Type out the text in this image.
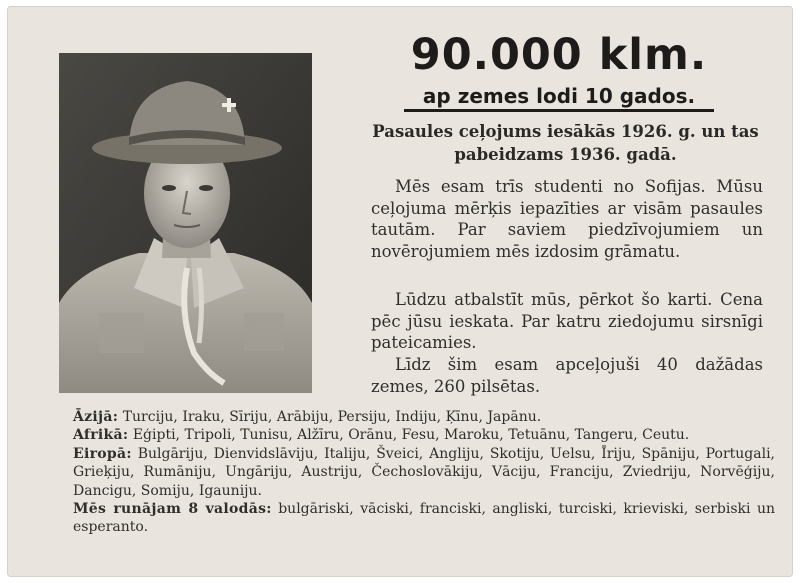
90.000 klm.
ap zemes lodi 10 gados.
Pasaules ceļojums iesākās 1926. g. un tas pabeidzams 1936. gadā.

Mēs esam trīs studenti no Sofijas. Mūsu ceļojuma mērķis iepazīties ar visām pasaules tautām. Par saviem piedzīvojumiem un novērojumiem mēs izdosim grāmatu.

Lūdzu atbalstīt mūs, pērkot šo karti. Cena pēc jūsu ieskata. Par katru ziedojumu sirsnīgi pateicamies.

Līdz šim esam apceļojuši 40 dažādas zemes, 260 pilsētas.

Āzijā: Turciju, Iraku, Sīriju, Arābiju, Persiju, Indiju, Ķīnu, Japānu.

Afrikā: Eģipti, Tripoli, Tunisu, Alžīru, Orānu, Fesu, Maroku, Tetuānu, Tangeru, Ceutu.

Eiropā: Bulgāriju, Dienvidslāviju, Italiju, Šveici, Angliju, Skotiju, Uelsu, Īriju, Spāniju, Portugali, Grieķiju, Rumāniju, Ungāriju, Austriju, Čechoslovākiju, Vāciju, Franciju, Zviedriju, Norvēģiju, Dancigu, Somiju, Igauniju.

Mēs runājam 8 valodās: bulgāriski, vāciski, franciski, angliski, turciski, krieviski, serbiski un esperanto.
